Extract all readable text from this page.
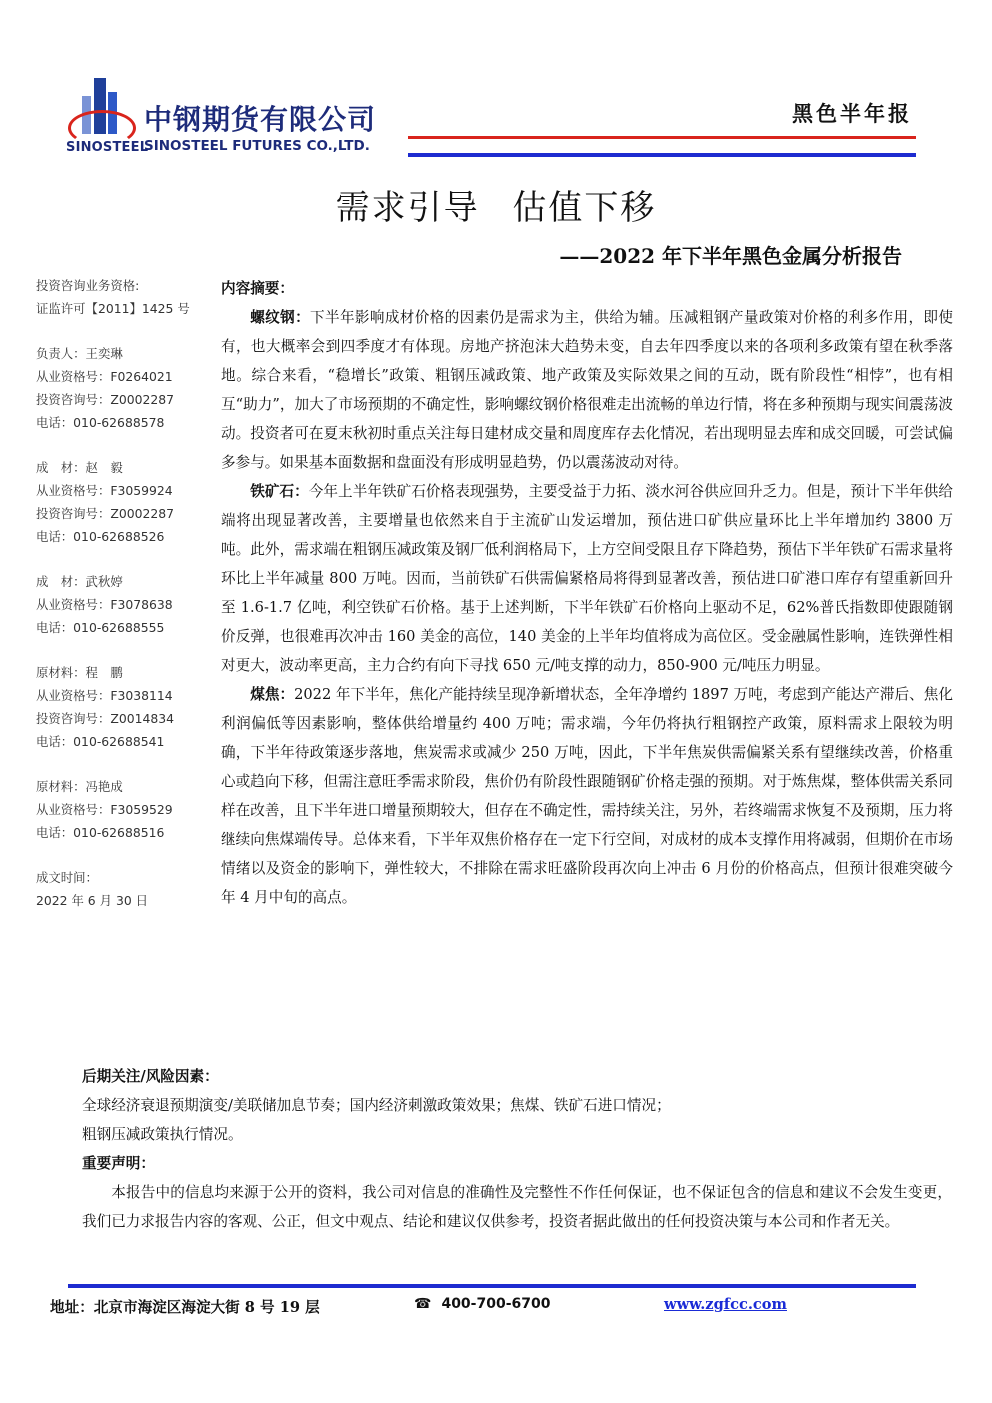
SINOSTEEL
中钢期货有限公司
SINOSTEEL FUTURES CO.,LTD.
黑色半年报
需求引导 估值下移
——2022 年下半年黑色金属分析报告
投资咨询业务资格:
证监许可【2011】1425 号
负责人：王奕琳
从业资格号：F0264021
投资咨询号：Z0002287
电话：010-62688578
成　材：赵　毅
从业资格号：F3059924
投资咨询号：Z0002287
电话：010-62688526
成　材：武秋婷
从业资格号：F3078638
电话：010-62688555
原材料：程　鹏
从业资格号：F3038114
投资咨询号：Z0014834
电话：010-62688541
原材料：冯艳成
从业资格号：F3059529
电话：010-62688516
成文时间：
2022 年 6 月 30 日
内容摘要：

螺纹钢：下半年影响成材价格的因素仍是需求为主，供给为辅。压减粗钢产量政策对价格的利多作用，即使有，也大概率会到四季度才有体现。房地产挤泡沫大趋势未变，自去年四季度以来的各项利多政策有望在秋季落地。综合来看，“稳增长”政策、粗钢压减政策、地产政策及实际效果之间的互动，既有阶段性“相悖”，也有相互“助力”，加大了市场预期的不确定性，影响螺纹钢价格很难走出流畅的单边行情，将在多种预期与现实间震荡波动。投资者可在夏末秋初时重点关注每日建材成交量和周度库存去化情况，若出现明显去库和成交回暖，可尝试偏多参与。如果基本面数据和盘面没有形成明显趋势，仍以震荡波动对待。

铁矿石：今年上半年铁矿石价格表现强势，主要受益于力拓、淡水河谷供应回升乏力。但是，预计下半年供给端将出现显著改善，主要增量也依然来自于主流矿山发运增加，预估进口矿供应量环比上半年增加约 3800 万吨。此外，需求端在粗钢压减政策及钢厂低利润格局下，上方空间受限且存下降趋势，预估下半年铁矿石需求量将环比上半年减量 800 万吨。因而，当前铁矿石供需偏紧格局将得到显著改善，预估进口矿港口库存有望重新回升至 1.6-1.7 亿吨，利空铁矿石价格。基于上述判断，下半年铁矿石价格向上驱动不足，62%普氏指数即使跟随钢价反弹，也很难再次冲击 160 美金的高位，140 美金的上半年均值将成为高位区。受金融属性影响，连铁弹性相对更大，波动率更高，主力合约有向下寻找 650 元/吨支撑的动力，850-900 元/吨压力明显。

煤焦：2022 年下半年，焦化产能持续呈现净新增状态，全年净增约 1897 万吨，考虑到产能达产滞后、焦化利润偏低等因素影响，整体供给增量约 400 万吨；需求端，今年仍将执行粗钢控产政策，原料需求上限较为明确，下半年待政策逐步落地，焦炭需求或减少 250 万吨，因此，下半年焦炭供需偏紧关系有望继续改善，价格重心或趋向下移，但需注意旺季需求阶段，焦价仍有阶段性跟随钢矿价格走强的预期。对于炼焦煤，整体供需关系同样在改善，且下半年进口增量预期较大，但存在不确定性，需持续关注，另外，若终端需求恢复不及预期，压力将继续向焦煤端传导。总体来看，下半年双焦价格存在一定下行空间，对成材的成本支撑作用将减弱，但期价在市场情绪以及资金的影响下，弹性较大，不排除在需求旺盛阶段再次向上冲击 6 月份的价格高点，但预计很难突破今年 4 月中旬的高点。

后期关注/风险因素：

全球经济衰退预期演变/美联储加息节奏；国内经济刺激政策效果；焦煤、铁矿石进口情况；

粗钢压减政策执行情况。

重要声明：

本报告中的信息均来源于公开的资料，我公司对信息的准确性及完整性不作任何保证，也不保证包含的信息和建议不会发生变更，我们已力求报告内容的客观、公正，但文中观点、结论和建议仅供参考，投资者据此做出的任何投资决策与本公司和作者无关。

地址：北京市海淀区海淀大街 8 号 19 层	☎ 400-700-6700	www.zgfcc.com
